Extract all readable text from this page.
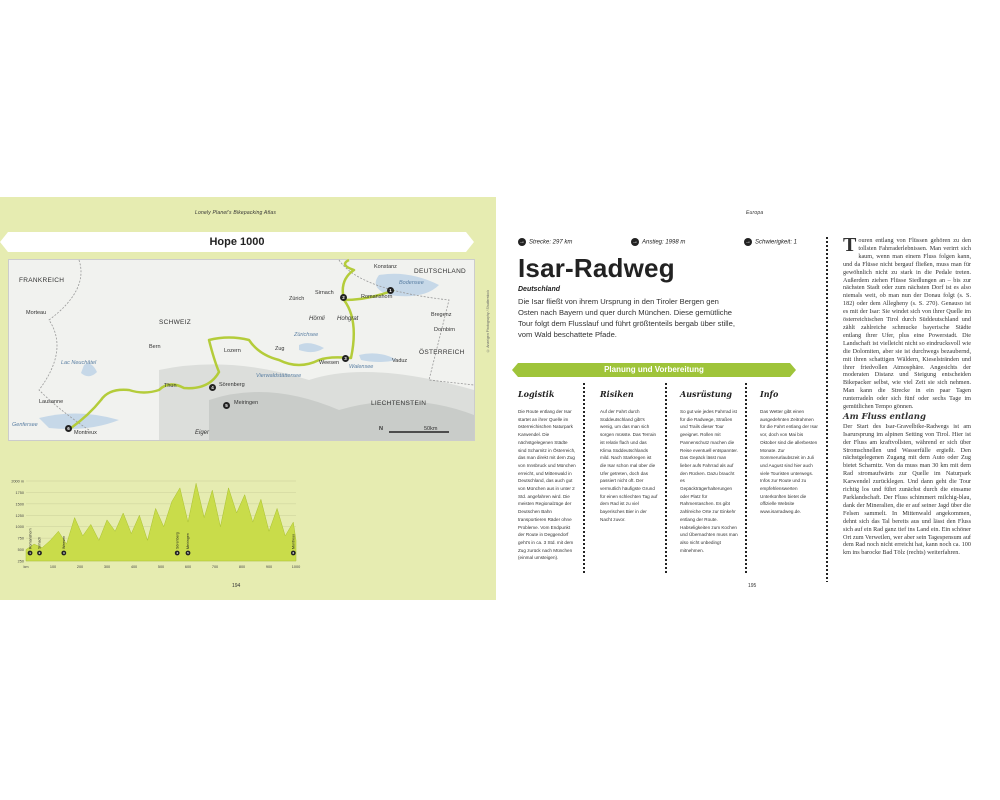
Lonely Planet's Bikepacking Atlas
Hope 1000
FRANKREICH
DEUTSCHLAND
SCHWEIZ
ÖSTERREICH
LIECHTENSTEIN
Konstanz
Zürich
Sirnach
Romanshorn
Morteau	Bregenz
Dornbirn
Bern
Lozern	Zug
Vaduz
Weesen
Thun	Sörenberg
Meiringen
Lausanne
Montreux
Bodensee
Zürichsee
Walensee
Vierwaldstättersee
Lac Neuchâtel
Genfersee
Hörnli Hohgrat
Eiger
1
2
3
4
5
6	N	50km
2000 m
1750
1500
1250
1000
750
500
250
km	100	200	300	400	500	600	700	800	900	1000
1
Romanshorn
2
Sirnach
3
Weesen
4
Sörenberg
5
Meiringen
6
Montreux
194
Europa
→ Strecke: 297 km	→ Anstieg: 1998 m	→ Schwierigkeit: 1
Isar-Radweg
Deutschland
Die Isar fließt von ihrem Ursprung in den Tiroler Bergen gen Osten nach Bayern und quer durch München. Diese gemütliche Tour folgt dem Flusslauf und führt größtenteils bergab über stille, vom Wald beschattete Pfade.
Planung und Vorbereitung
Logistik
Die Route entlang der Isar startet an ihrer Quelle im österreichischen Naturpark Karwendel. Die nächstgelegenen Städte sind Scharnitz in Österreich, das man direkt mit dem Zug von Innsbruck und München erreicht, und Mittenwald in Deutschland, das auch gut von München aus in unter 2 Std. angefahren wird. Die meisten Regionalzüge der Deutschen Bahn transportieren Räder ohne Probleme. Vom Endpunkt der Route in Deggendorf geht's in ca. 3 Std. mit dem Zug zurück nach München (einmal umsteigen).
Risiken
Auf der Fahrt durch Süddeutschland gibt's wenig, um das man sich sorgen müsste. Das Terrain ist relativ flach und das Klima Süddeutschlands mild. Nach Starkregen ist die Isar schon mal über die Ufer getreten, doch das passiert nicht oft. Der vermutlich häufigste Grund für einen schlechten Tag auf dem Rad ist zu viel bayerisches Bier in der Nacht zuvor.
Ausrüstung
So gut wie jedes Fahrrad ist für die Radwege, Straßen und Trails dieser Tour geeignet. Rollen mit Pannenschutz machen die Reise eventuell entspannter. Das Gepäck lässt man lieber aufs Fahrrad als auf den Rücken. Dazu braucht es Gepäckträgerhalterungen oder Platz für Rahmentaschen. Es gibt zahlreiche Orte zur Einkehr entlang der Route. Habseligkeiten zum Kochen und Übernachten muss man also nicht unbedingt mitnehmen.
Info
Das Wetter gibt einen ausgedehnten Zeitrahmen für die Fahrt entlang der Isar vor, doch von Mai bis Oktober sind die allerbesten Monate. Zur Sommerurlaubszeit im Juli und August sind hier auch viele Touristen unterwegs. Infos zur Route und zu empfehlenswerten Unterkünften bietet die offizielle Website www.isarradweg.de.

Touren entlang von Flüssen gehören zu den tollsten Fahrraderlebnissen. Man verirrt sich kaum, wenn man einem Fluss folgen kann, und da Flüsse nicht bergauf fließen, muss man für gewöhnlich nicht zu stark in die Pedale treten. Außerdem ziehen Flüsse Siedlungen an – bis zur nächsten Stadt oder zum nächsten Dorf ist es also niemals weit, ob man nun der Donau folgt (s. S. 182) oder dem Allegheny (s. S. 270). Genauso ist es mit der Isar: Sie windet sich von ihrer Quelle im österreichischen Tirol durch Süddeutschland und zählt zahlreiche schmucke bayerische Städte entlang ihrer Ufer, plus eine Powerstadt. Die Landschaft ist vielleicht nicht so eindrucksvoll wie die Dolomiten, aber sie ist durchwegs bezaubernd, mit ihren schattigen Wäldern, Kieselstränden und ihrer friedvollen Atmosphäre. Angesichts der moderaten Distanz und Steigung entscheiden Bikepacker selbst, wie viel Zeit sie sich nehmen. Man kann die Strecke in ein paar Tagen runterradeln oder sich fünf oder sechs Tage im gemütlichen Tempo gönnen.

Am Fluss entlang

Der Start des Isar-Gravelbike-Radwegs ist am Isarursprung im alpinen Setting von Tirol. Hier ist der Fluss am kraftvollsten, während er sich über Stromschnellen und Wasserfälle ergießt. Den nächstgelegenen Zugang mit dem Auto oder Zug bietet Scharnitz. Von da muss man 30 km mit dem Rad stromaufwärts zur Quelle im Naturpark Karwendel zurücklegen. Und dann geht die Tour richtig los und führt zunächst durch die einsame Parklandschaft. Der Fluss schimmert milchig-blau, dank der Mineralien, die er auf seiner Jagd über die Felsen sammelt. In Mittenwald angekommen, dehnt sich das Tal bereits aus und lässt den Fluss sich auf ein Rad ganz tief ins Land ein. Ein schöner Ort zum Verweilen, wer aber sein Tagespensum auf dem Rad noch nicht erreicht hat, kann noch ca. 100 km ins barocke Bad Tölz (rechts) weiterfahren.

195
© Anzeigen Photography / Shutterstock
